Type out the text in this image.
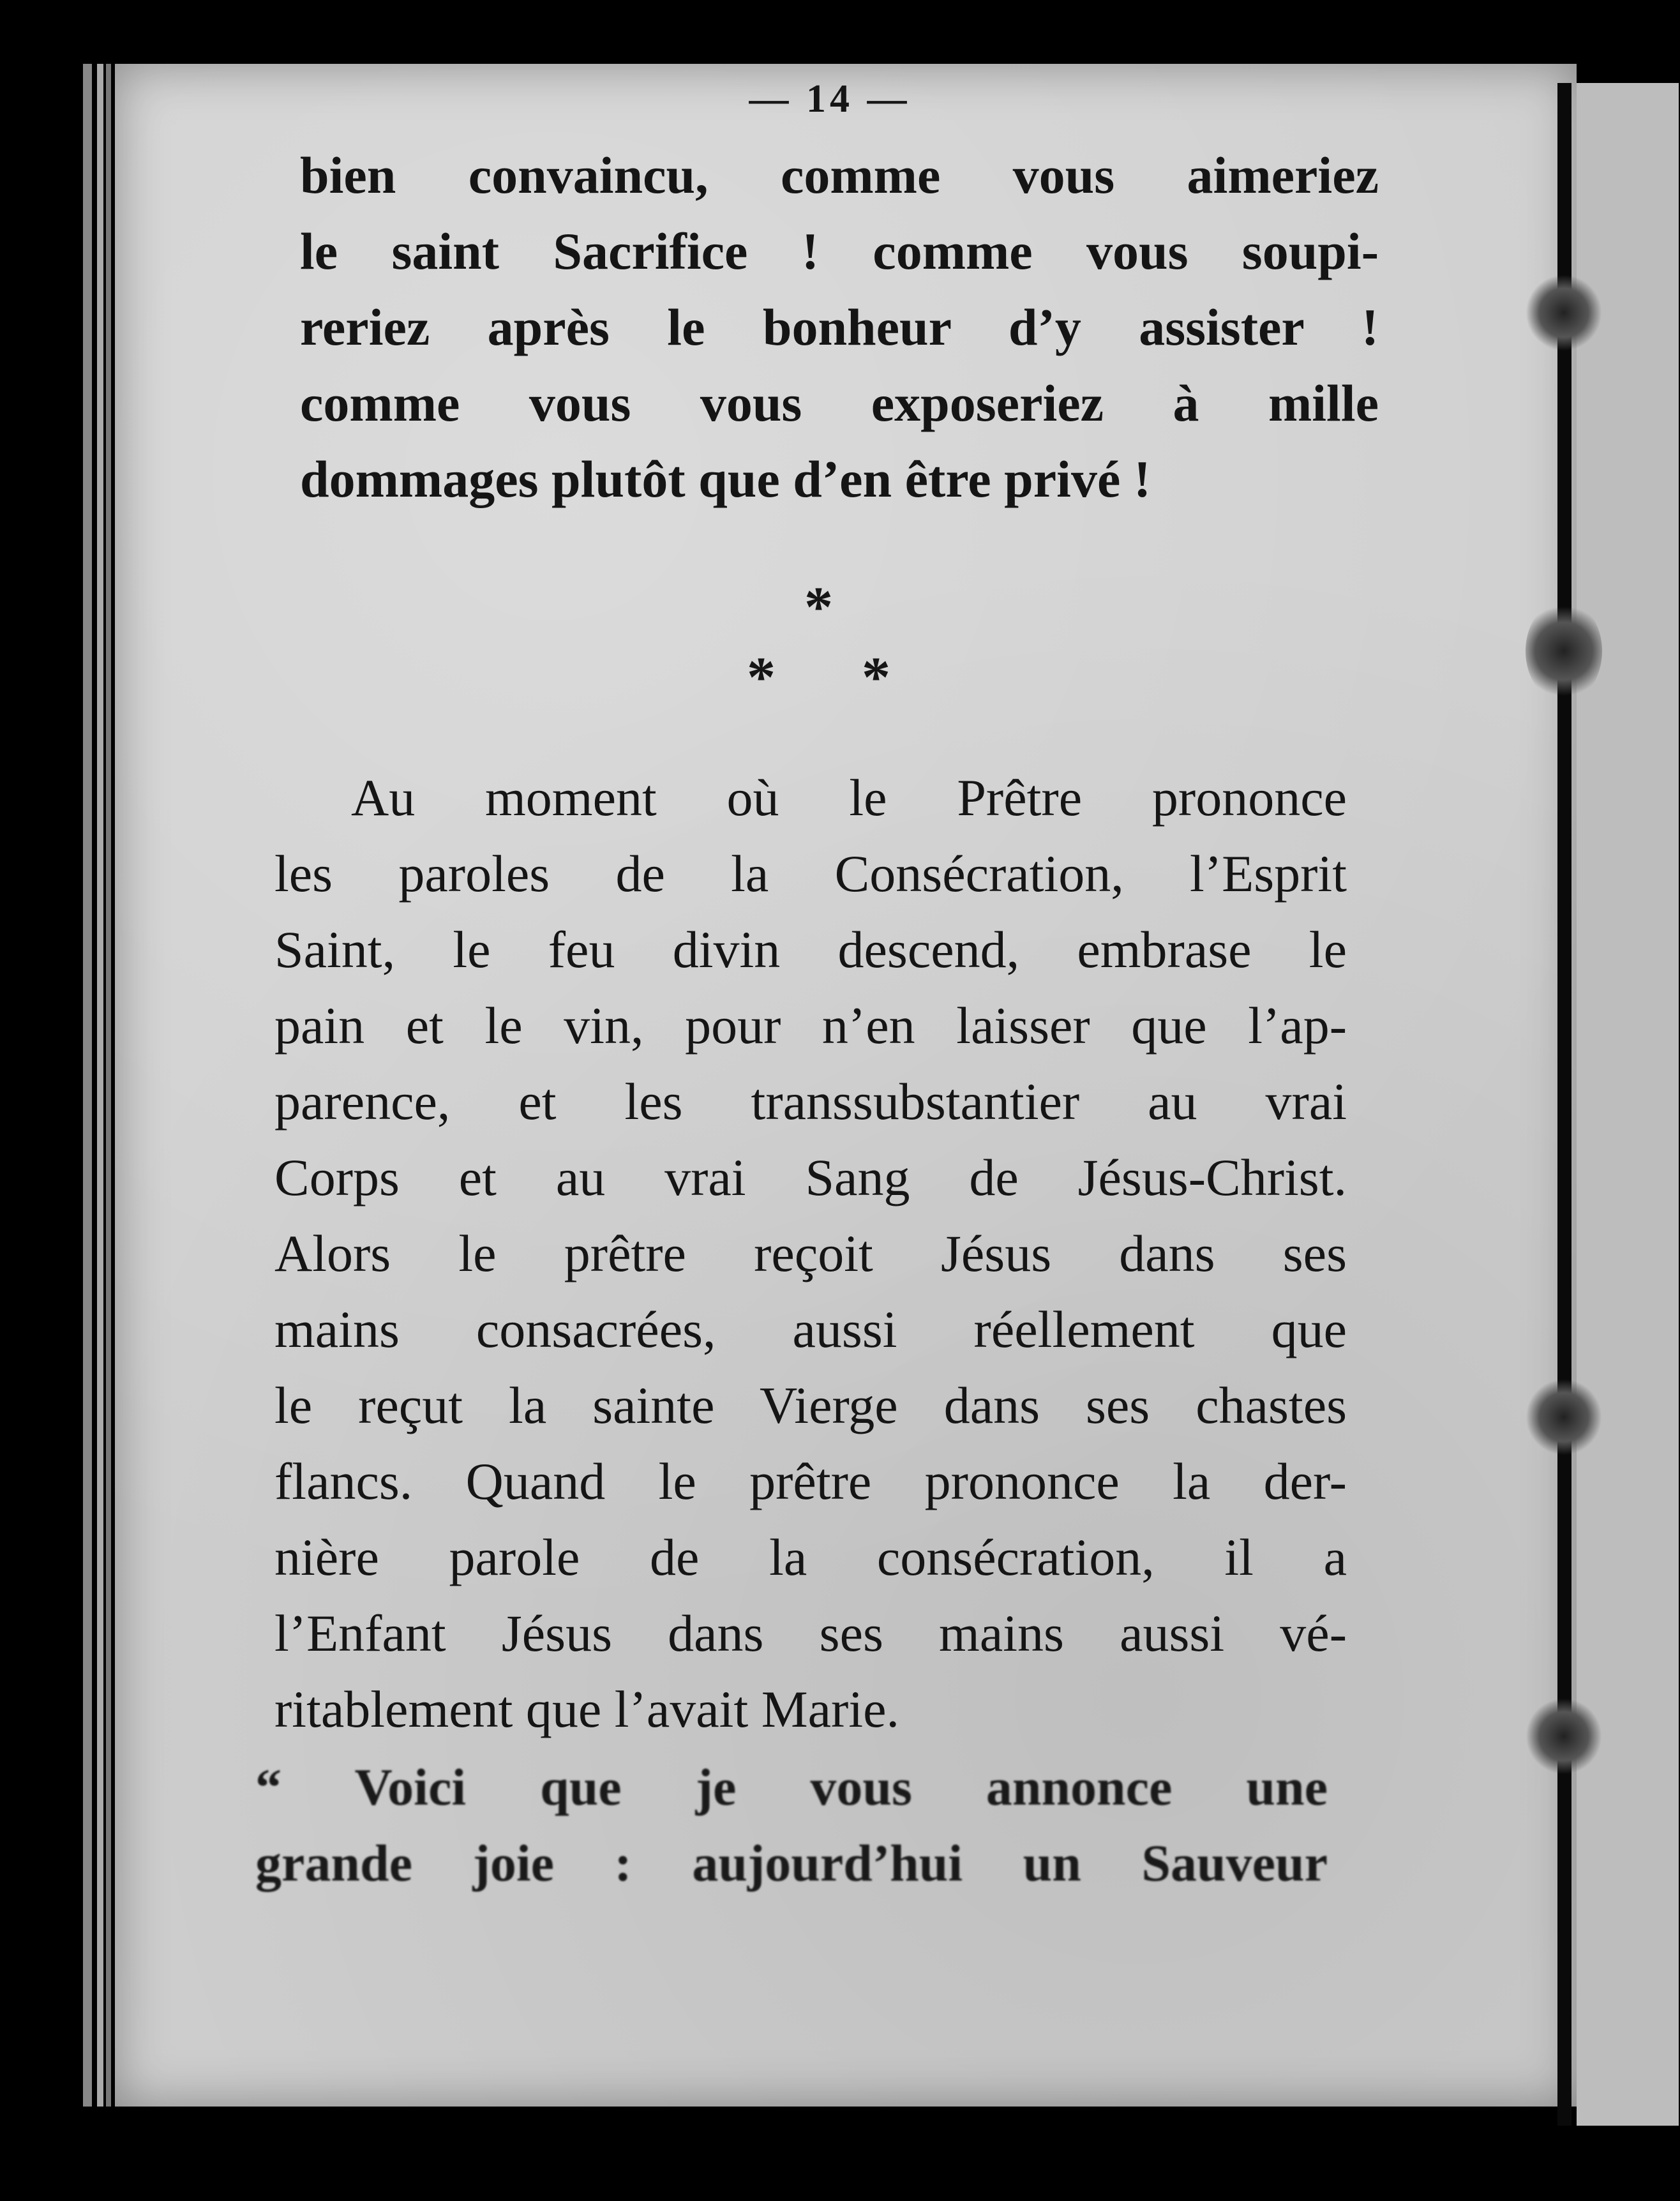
— 14 —
bien convaincu, comme vous aimeriez
le saint Sacrifice ! comme vous soupi-
reriez après le bonheur d’y assister !
comme vous vous exposeriez à mille
dommages plutôt que d’en être privé !
*
* *
Au moment où le Prêtre prononce
les paroles de la Consécration, l’Esprit
Saint, le feu divin descend, embrase le
pain et le vin, pour n’en laisser que l’ap-
parence, et les transsubstantier au vrai
Corps et au vrai Sang de Jésus-Christ.
Alors le prêtre reçoit Jésus dans ses
mains consacrées, aussi réellement que
le reçut la sainte Vierge dans ses chastes
flancs. Quand le prêtre prononce la der-
nière parole de la consécration, il a
l’Enfant Jésus dans ses mains aussi vé-
ritablement que l’avait Marie.
“ Voici que je vous annonce une
grande joie : aujourd’hui un Sauveur
